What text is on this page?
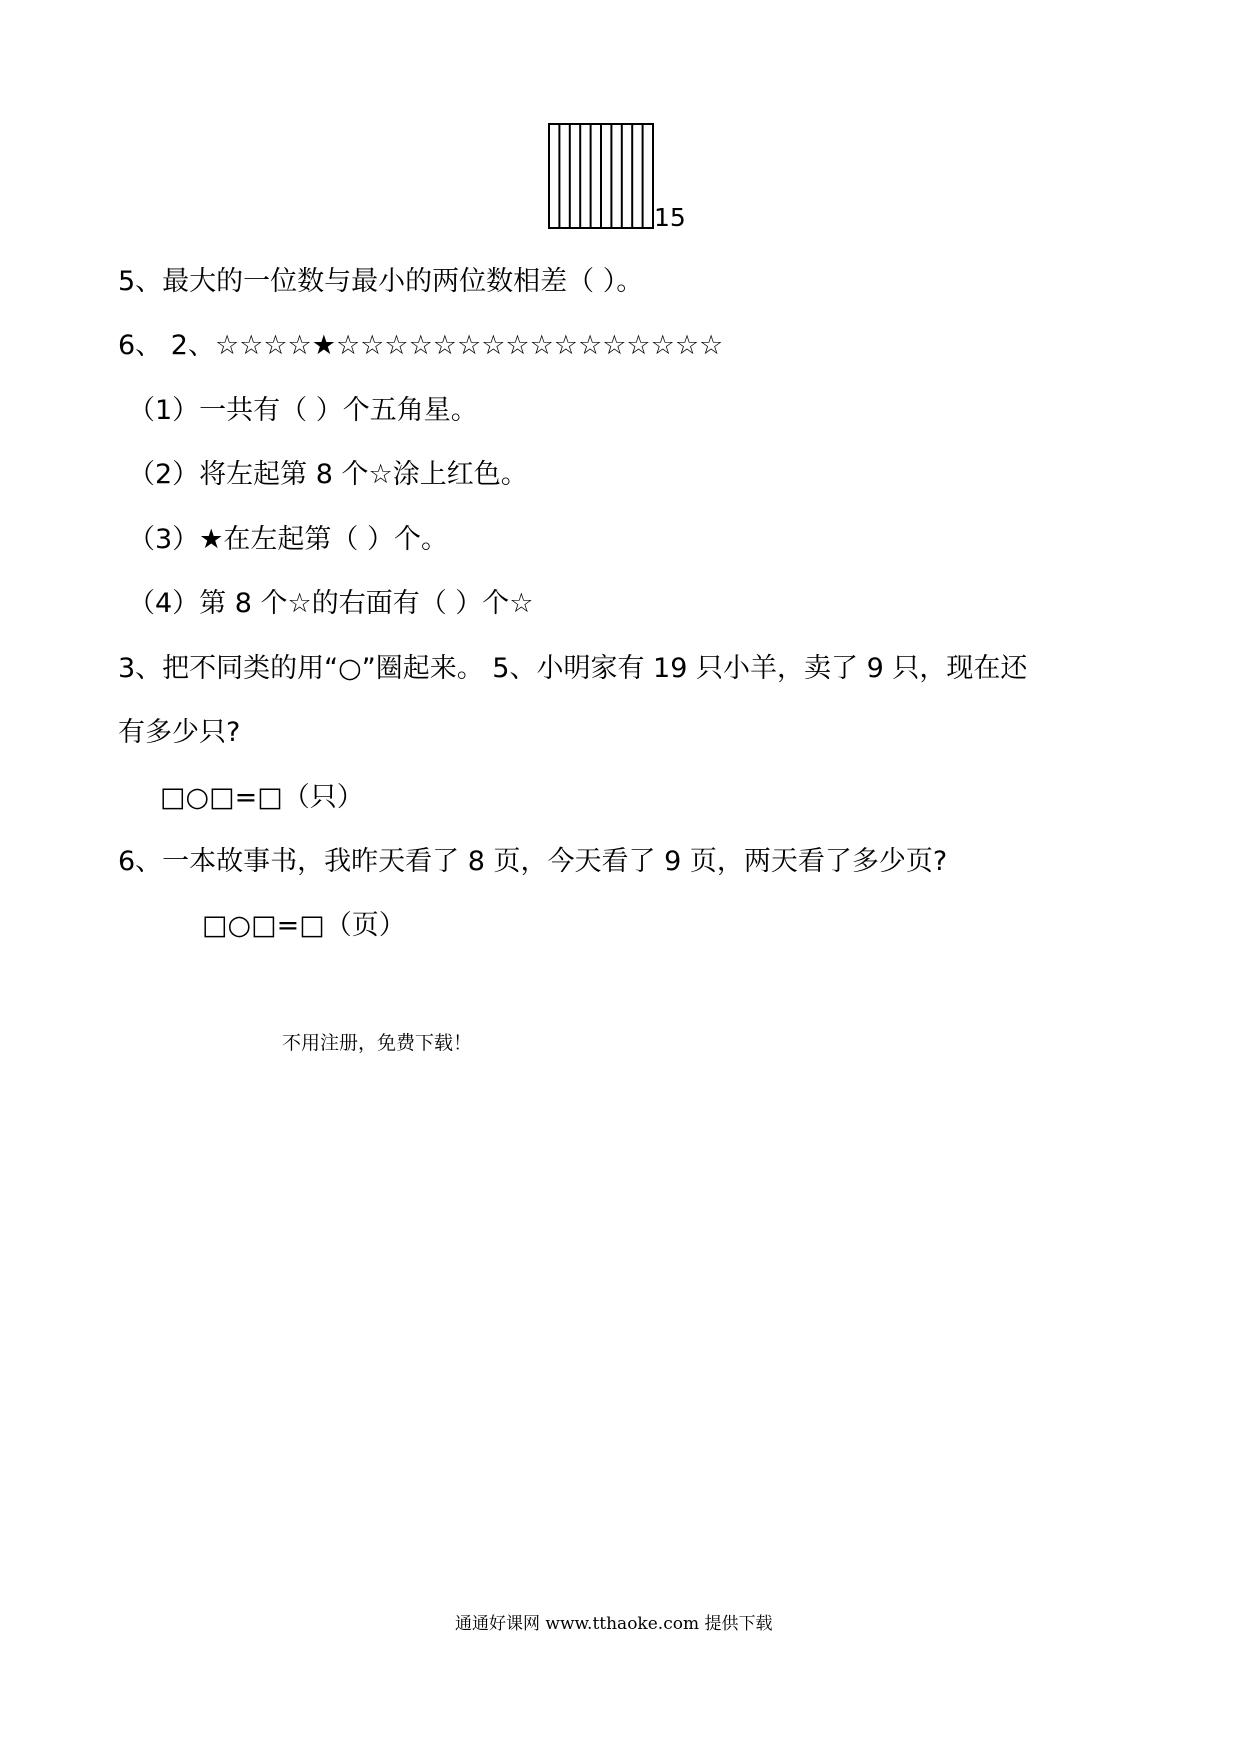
15
5、最大的一位数与最小的两位数相差（ ）。
6、 2、☆☆☆☆★☆☆☆☆☆☆☆☆☆☆☆☆☆☆☆☆
（1）一共有（ ）个五角星。
（2）将左起第 8 个☆涂上红色。
（3）★在左起第（ ）个。
（4）第 8 个☆的右面有（ ）个☆
3、把不同类的用“○”圈起来。 5、小明家有 19 只小羊，卖了 9 只，现在还
有多少只?
□○□=□（只）
6、一本故事书，我昨天看了 8 页，今天看了 9 页，两天看了多少页?
□○□=□（页）
不用注册，免费下载！
通通好课网 www.tthaoke.com 提供下载
